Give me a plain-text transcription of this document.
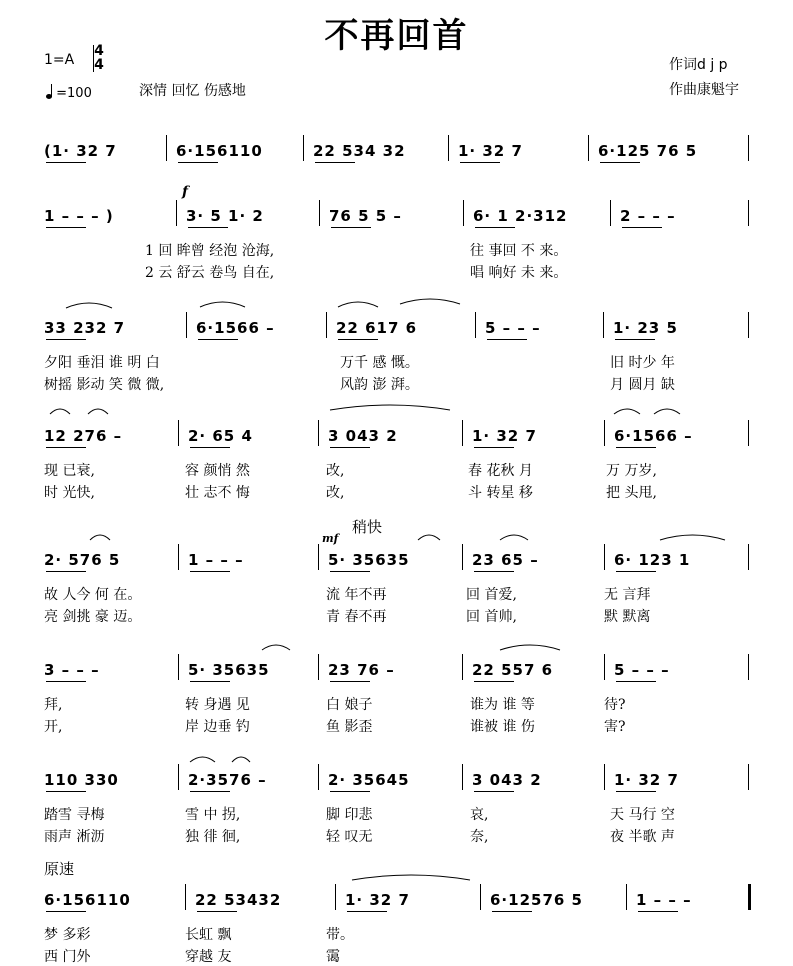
不再回首
1=A
4
4
=100	深情 回忆 伤感地
作词d j p
作曲康魁宇
f
mf
稍快
原速
(1· 32 7	6·156110	22 534 32	1· 32 7	6·125 76 5
1 – – – )	3· 5 1· 2	76 5 5 –	6· 1 2·312	2 – – –
1 回 眸曾 经泡 沧海,	往 事回 不 来。
2 云 舒云 卷鸟 自在,	唱 响好 未 来。
33 232 7	6·1566 –	22 617 6	5 – – –	1· 23 5
夕阳 垂泪 谁 明 白	万千 感 慨。	旧 时少 年
树摇 影动 笑 微 微,	风韵 澎 湃。	月 圆月 缺
12 276 –	2· 65 4	3 043 2	1· 32 7	6·1566 –
现 已衰,	容 颜悄 然	改,	春 花秋 月	万 万岁,
时 光快,	壮 志不 悔	改,	斗 转星 移	把 头甩,
2· 576 5	1 – – –	5· 35635	23 65 –	6· 123 1
故 人今 何 在。	流 年不再	回 首爱,	无 言拜
亮 剑挑 豪 迈。	青 春不再	回 首帅,	默 默离
3 – – –	5· 35635	23 76 –	22 557 6	5 – – –
拜,	转 身遇 见	白 娘子	谁为 谁 等	待?
开,	岸 边垂 钓	鱼 影歪	谁被 谁 伤	害?
110 330	2·3576 –	2· 35645	3 043 2	1· 32 7
踏雪 寻梅	雪 中 拐,	脚 印悲	哀,	天 马行 空
雨声 淅沥	独 徘 徊,	轻 叹无	奈,	夜 半歌 声
6·156110	22 53432	1· 32 7	6·12576 5	1 – – –
梦 多彩	长虹 飘	带。
西 门外	穿越 友	霭
